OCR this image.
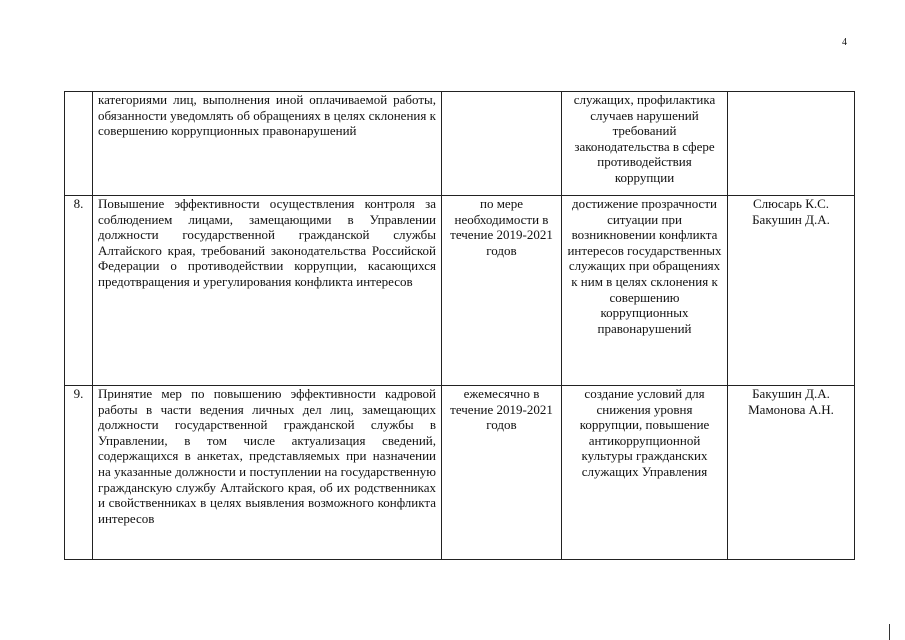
4
	категориями лиц, выполнения иной оплачиваемой работы, обязанности уведомлять об обращениях в целях склонения к совершению коррупционных правонарушений		служащих, профилактика случаев нарушений требований законодательства в сфере противодействия коррупции	
8.	Повышение эффективности осуществления контроля за соблюдением лицами, замещающими в Управлении должности государственной гражданской службы Алтайского края, требований законодательства Российской Федерации о противодействии коррупции, касающихся предотвращения и урегулирования конфликта интересов	по мере необходимости в течение 2019-2021 годов	достижение прозрачности ситуации при возникновении конфликта интересов государственных служащих при обращениях к ним в целях склонения к совершению коррупционных правонарушений	Слюсарь К.С. Бакушин Д.А.
9.	Принятие мер по повышению эффективности кадровой работы в части ведения личных дел лиц, замещающих должности государственной гражданской службы в Управлении, в том числе актуализация сведений, содержащихся в анкетах, представляемых при назначении на указанные должности и поступлении на государственную гражданскую службу Алтайского края, об их родственниках и свойственниках в целях выявления возможного конфликта интересов	ежемесячно в течение 2019-2021 годов	создание условий для снижения уровня коррупции, повышение антикоррупционной культуры гражданских служащих Управления	Бакушин Д.А. Мамонова А.Н.
